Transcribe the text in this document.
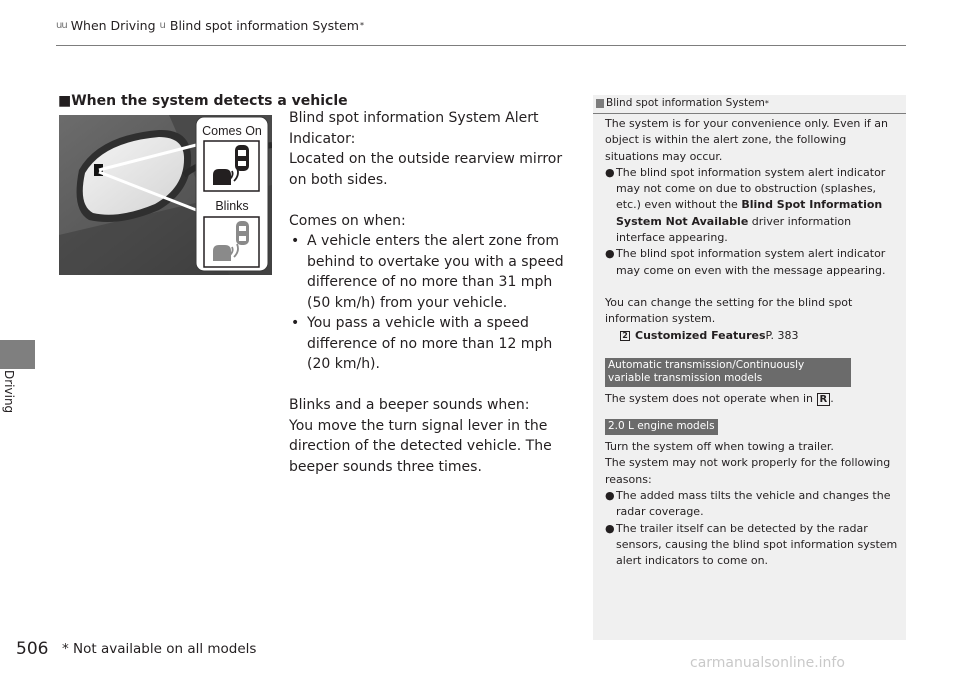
uu When Driving u Blind spot information System *
Driving
■When the system detects a vehicle
Comes On
Blinks

Blind spot information System Alert Indicator:

Located on the outside rearview mirror on both sides.

Comes on when:

• A vehicle enters the alert zone from behind to overtake you with a speed difference of no more than 31 mph (50 km/h) from your vehicle.

• You pass a vehicle with a speed difference of no more than 12 mph (20 km/h).

Blinks and a beeper sounds when:

You move the turn signal lever in the direction of the detected vehicle. The beeper sounds three times.

Blind spot information System *

The system is for your convenience only. Even if an object is within the alert zone, the following situations may occur.

● The blind spot information system alert indicator may not come on due to obstruction (splashes, etc.) even without the Blind Spot Information System Not Available driver information interface appearing.

● The blind spot information system alert indicator may come on even with the message appearing.

You can change the setting for the blind spot information system.

2 Customized Features P. 383

Automatic transmission/Continuously variable transmission models

The system does not operate when in R .

2.0 L engine models

Turn the system off when towing a trailer.

The system may not work properly for the following reasons:

● The added mass tilts the vehicle and changes the radar coverage.

● The trailer itself can be detected by the radar sensors, causing the blind spot information system alert indicators to come on.

506 * Not available on all models
carmanualsonline.info
